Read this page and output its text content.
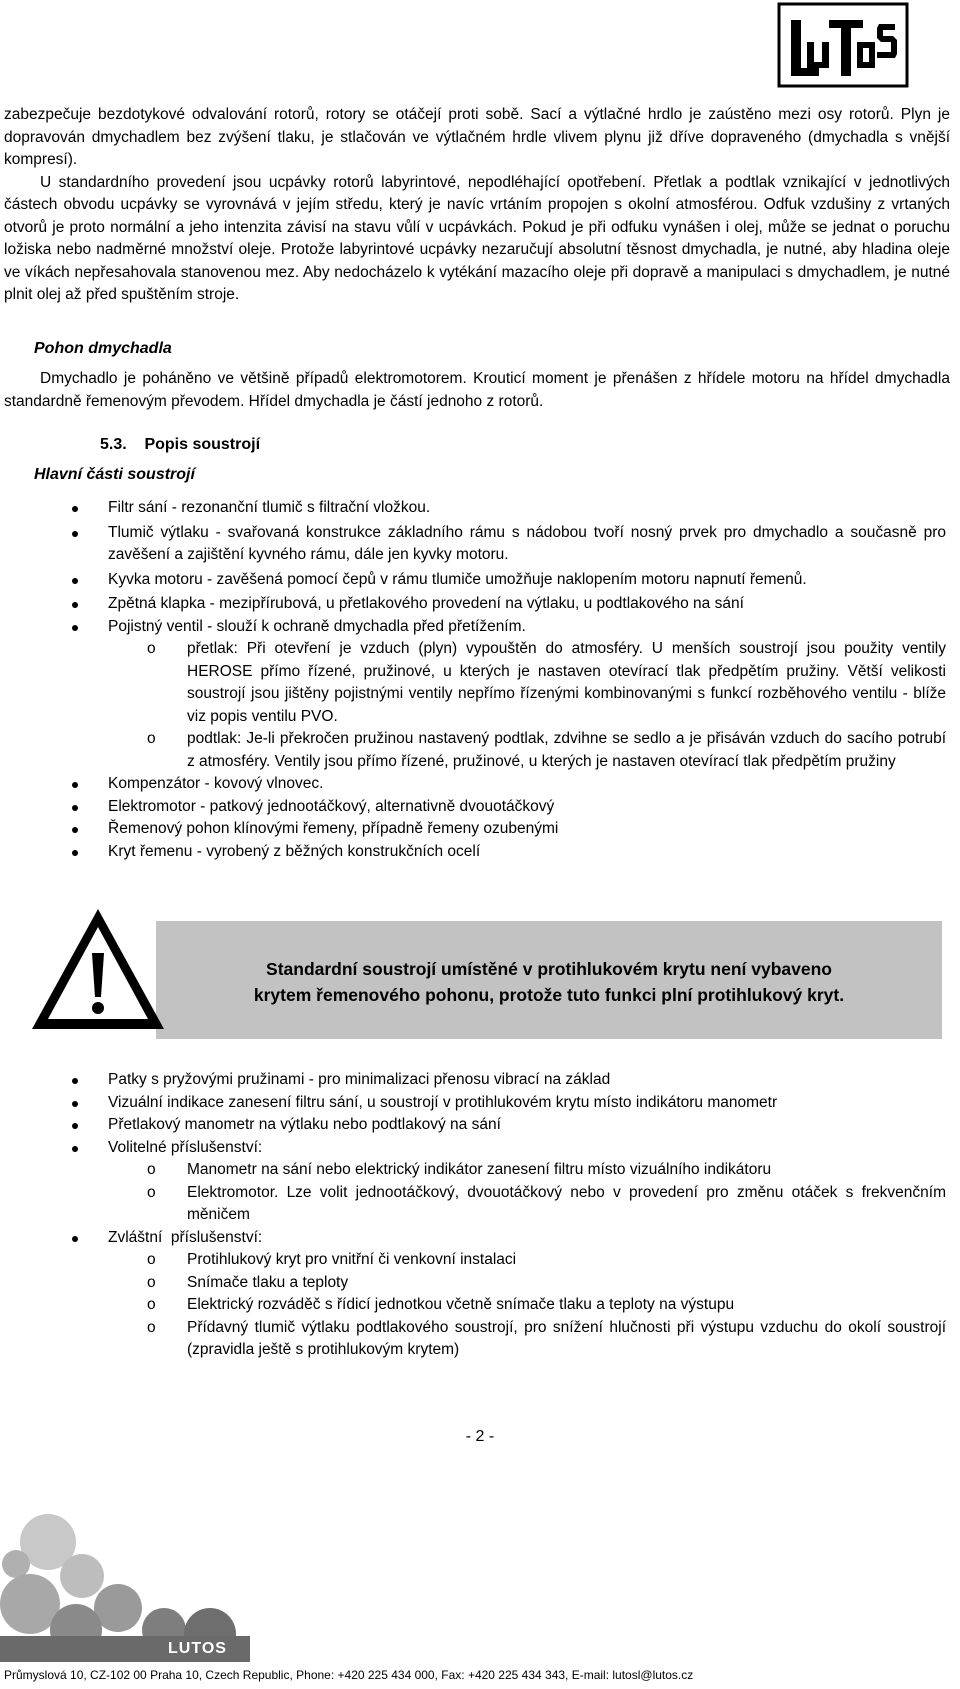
zabezpečuje bezdotykové odvalování rotorů, rotory se otáčejí proti sobě. Sací a výtlačné hrdlo je zaústěno mezi osy rotorů. Plyn je dopravován dmychadlem bez zvýšení tlaku, je stlačován ve výtlačném hrdle vlivem plynu již dříve dopraveného (dmychadla s vnější kompresí).

U standardního provedení jsou ucpávky rotorů labyrintové, nepodléhající opotřebení. Přetlak a podtlak vznikající v jednotlivých částech obvodu ucpávky se vyrovnává v jejím středu, který je navíc vrtáním propojen s okolní atmosférou. Odfuk vzdušiny z vrtaných otvorů je proto normální a jeho intenzita závisí na stavu vůlí v ucpávkách. Pokud je při odfuku vynášen i olej, může se jednat o poruchu ložiska nebo nadměrné množství oleje. Protože labyrintové ucpávky nezaručují absolutní těsnost dmychadla, je nutné, aby hladina oleje ve víkách nepřesahovala stanovenou mez. Aby nedocházelo k vytékání mazacího oleje při dopravě a manipulaci s dmychadlem, je nutné plnit olej až před spuštěním stroje.

Pohon dmychadla

Dmychadlo je poháněno ve většině případů elektromotorem. Krouticí moment je přenášen z hřídele motoru na hřídel dmychadla standardně řemenovým převodem. Hřídel dmychadla je částí jednoho z rotorů.

5.3. Popis soustrojí
Hlavní části soustrojí
Filtr sání - rezonanční tlumič s filtrační vložkou.
Tlumič výtlaku - svařovaná konstrukce základního rámu s nádobou tvoří nosný prvek pro dmychadlo a současně pro zavěšení a zajištění kyvného rámu, dále jen kyvky motoru.
Kyvka motoru - zavěšená pomocí čepů v rámu tlumiče umožňuje naklopením motoru napnutí řemenů.
Zpětná klapka - mezipřírubová, u přetlakového provedení na výtlaku, u podtlakového na sání
Pojistný ventil - slouží k ochraně dmychadla před přetížením.
o přetlak: Při otevření je vzduch (plyn) vypouštěn do atmosféry. U menších soustrojí jsou použity ventily HEROSE přímo řízené, pružinové, u kterých je nastaven otevírací tlak předpětím pružiny. Větší velikosti soustrojí jsou jištěny pojistnými ventily nepřímo řízenými kombinovanými s funkcí rozběhového ventilu - blíže viz popis ventilu PVO.
o podtlak: Je-li překročen pružinou nastavený podtlak, zdvihne se sedlo a je přisáván vzduch do sacího potrubí z atmosféry. Ventily jsou přímo řízené, pružinové, u kterých je nastaven otevírací tlak předpětím pružiny
Kompenzátor - kovový vlnovec.
Elektromotor - patkový jednootáčkový, alternativně dvouotáčkový
Řemenový pohon klínovými řemeny, případně řemeny ozubenými
Kryt řemenu - vyrobený z běžných konstrukčních ocelí
Standardní soustrojí umístěné v protihlukovém krytu není vybaveno
krytem řemenového pohonu, protože tuto funkci plní protihlukový kryt.
Patky s pryžovými pružinami - pro minimalizaci přenosu vibrací na základ
Vizuální indikace zanesení filtru sání, u soustrojí v protihlukovém krytu místo indikátoru manometr
Přetlakový manometr na výtlaku nebo podtlakový na sání
Volitelné příslušenství:
o Manometr na sání nebo elektrický indikátor zanesení filtru místo vizuálního indikátoru
o Elektromotor. Lze volit jednootáčkový, dvouotáčkový nebo v provedení pro změnu otáček s frekvenčním měničem
Zvláštní  příslušenství:
o Protihlukový kryt pro vnitřní či venkovní instalaci
o Snímače tlaku a teploty
o Elektrický rozváděč s řídicí jednotkou včetně snímače tlaku a teploty na výstupu
o Přídavný tlumič výtlaku podtlakového soustrojí, pro snížení hlučnosti při výstupu vzduchu do okolí soustrojí (zpravidla ještě s protihlukovým krytem)
- 2 -
LUTOS
Průmyslová 10, CZ-102 00 Praha 10, Czech Republic, Phone: +420 225 434 000, Fax: +420 225 434 343, E-mail: lutosl@lutos.cz
